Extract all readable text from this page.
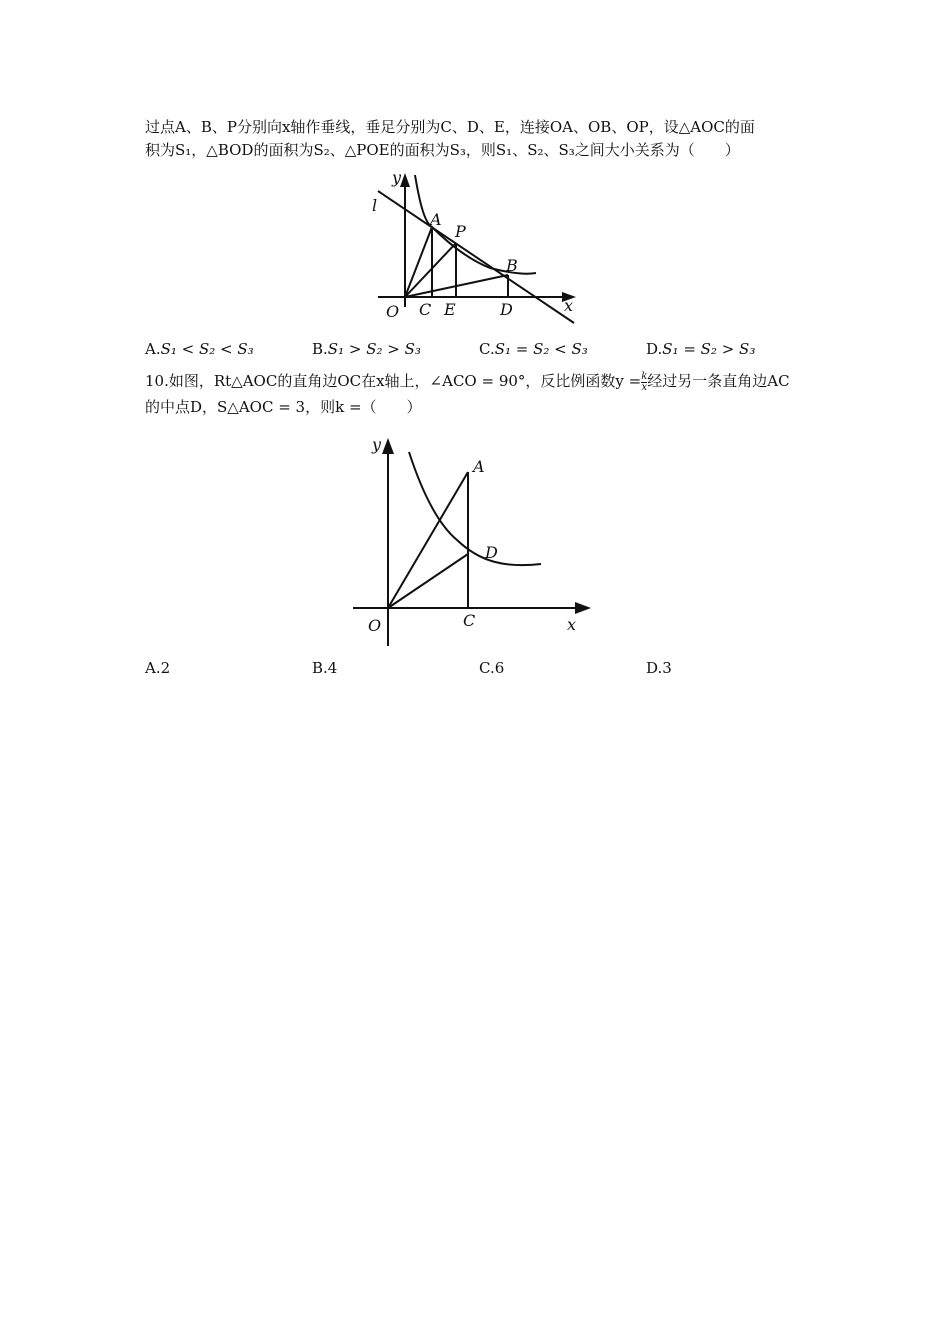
过点A、B、P分别向x轴作垂线，垂足分别为C、D、E，连接OA、OB、OP，设△AOC的面
积为S₁，△BOD的面积为S₂、△POE的面积为S₃，则S₁、S₂、S₃之间大小关系为（　　）
y
l
A
P
B
O C E	D	x
A.S₁ < S₂ < S₃	B.S₁ > S₂ > S₃	C.S₁ = S₂ < S₃	D.S₁ = S₂ > S₃
10.如图，Rt△AOC的直角边OC在x轴上，∠ACO = 90°，反比例函数$y = \frac{k}{x}$ 经过另一条直角边AC
的中点D，S△AOC = 3，则k =（　　）
y
A
D
O	C	x
A.2	B.4	C.6	D.3
